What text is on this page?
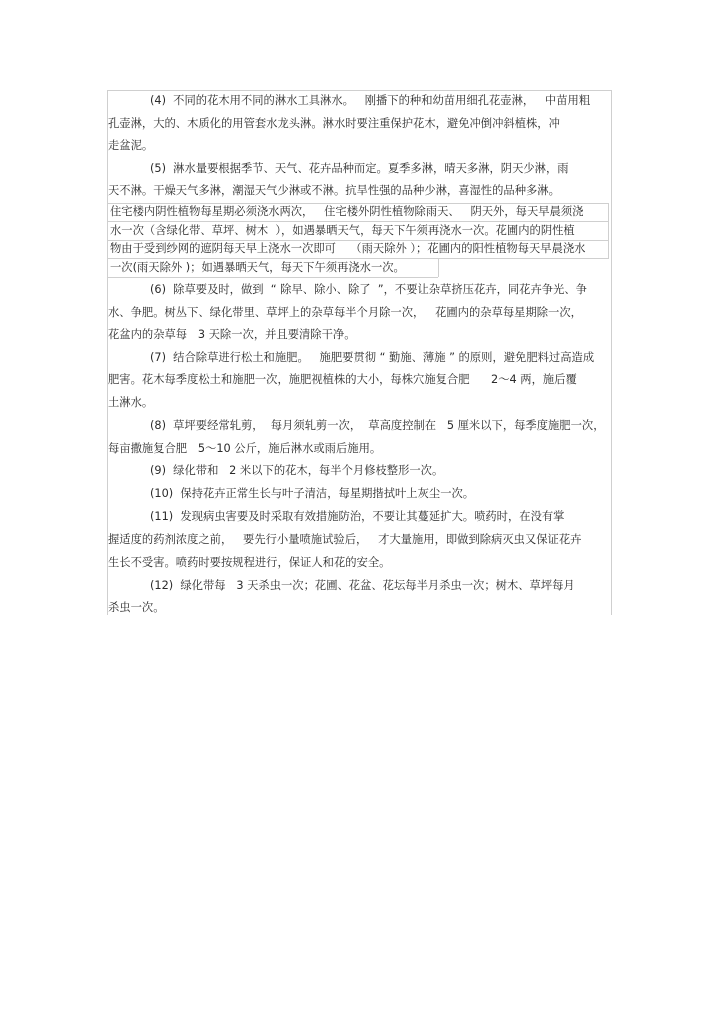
(4)  不同的花木用不同的淋水工具淋水。   刚播下的种和幼苗用细孔花壶淋，   中苗用粗
孔壶淋，大的、木质化的用管套水龙头淋。淋水时要注重保护花木，避免冲倒冲斜植株，冲
走盆泥。
(5)  淋水量要根据季节、天气、花卉品种而定。夏季多淋，晴天多淋，阴天少淋，雨
天不淋。干燥天气多淋，潮湿天气少淋或不淋。抗旱性强的品种少淋，喜湿性的品种多淋。
住宅楼内阴性植物每星期必须浇水两次，   住宅楼外阴性植物除雨天、   阴天外，每天早晨须浇
水一次（含绿化带、草坪、树木  ），如遇暴晒天气，每天下午须再浇水一次。花圃内的阴性植
物由于受到纱网的遮阴每天早上浇水一次即可    （雨天除外 ）；花圃内的阳性植物每天早晨浇水
一次(雨天除外 )；如遇暴晒天气，每天下午须再浇水一次。
(6)  除草要及时，做到  “ 除早、除小、除了  ”，不要让杂草挤压花卉，同花卉争光、争
水、争肥。树丛下、绿化带里、草坪上的杂草每半个月除一次，   花圃内的杂草每星期除一次，
花盆内的杂草每   3 天除一次，并且要清除干净。
(7)  结合除草进行松土和施肥。   施肥要贯彻 “ 勤施、薄施 ” 的原则，避免肥料过高造成
肥害。花木每季度松土和施肥一次，施肥视植株的大小，每株穴施复合肥      2～4 两，施后覆
土淋水。
(8)  草坪要经常轧剪，  每月须轧剪一次，  草高度控制在   5 厘米以下，每季度施肥一次，
每亩撒施复合肥   5～10 公斤，施后淋水或雨后施用。
(9)  绿化带和   2 米以下的花木，每半个月修枝整形一次。
(10)  保持花卉正常生长与叶子清洁，每星期揩拭叶上灰尘一次。
(11)  发现病虫害要及时采取有效措施防治，不要让其蔓延扩大。喷药时，在没有掌
握适度的药剂浓度之前，   要先行小量喷施试验后，   才大量施用，即做到除病灭虫又保证花卉
生长不受害。喷药时要按规程进行，保证人和花的安全。
(12)  绿化带每   3 天杀虫一次；花圃、花盆、花坛每半月杀虫一次；树木、草坪每月
杀虫一次。
